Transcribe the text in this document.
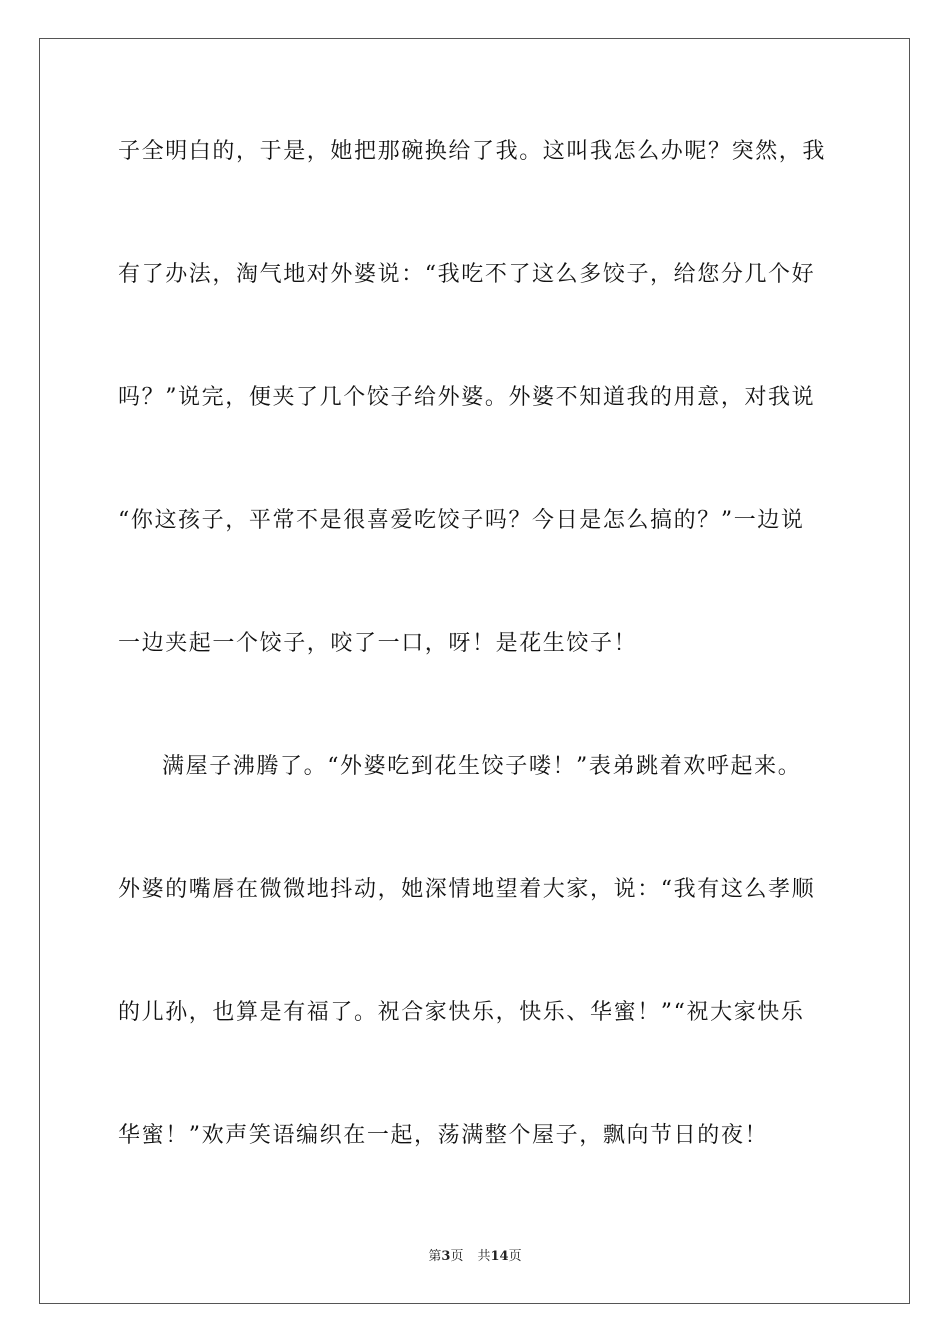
子全明白的，于是，她把那碗换给了我。这叫我怎么办呢？突然，我
有了办法，淘气地对外婆说：“我吃不了这么多饺子，给您分几个好
吗？”说完，便夹了几个饺子给外婆。外婆不知道我的用意，对我说
“你这孩子，平常不是很喜爱吃饺子吗？今日是怎么搞的？”一边说
一边夹起一个饺子，咬了一口，呀！是花生饺子！
满屋子沸腾了。“外婆吃到花生饺子喽！”表弟跳着欢呼起来。
外婆的嘴唇在微微地抖动，她深情地望着大家，说：“我有这么孝顺
的儿孙，也算是有福了。祝合家快乐，快乐、华蜜！”“祝大家快乐
华蜜！”欢声笑语编织在一起，荡满整个屋子，飘向节日的夜！
第3页 共14页
